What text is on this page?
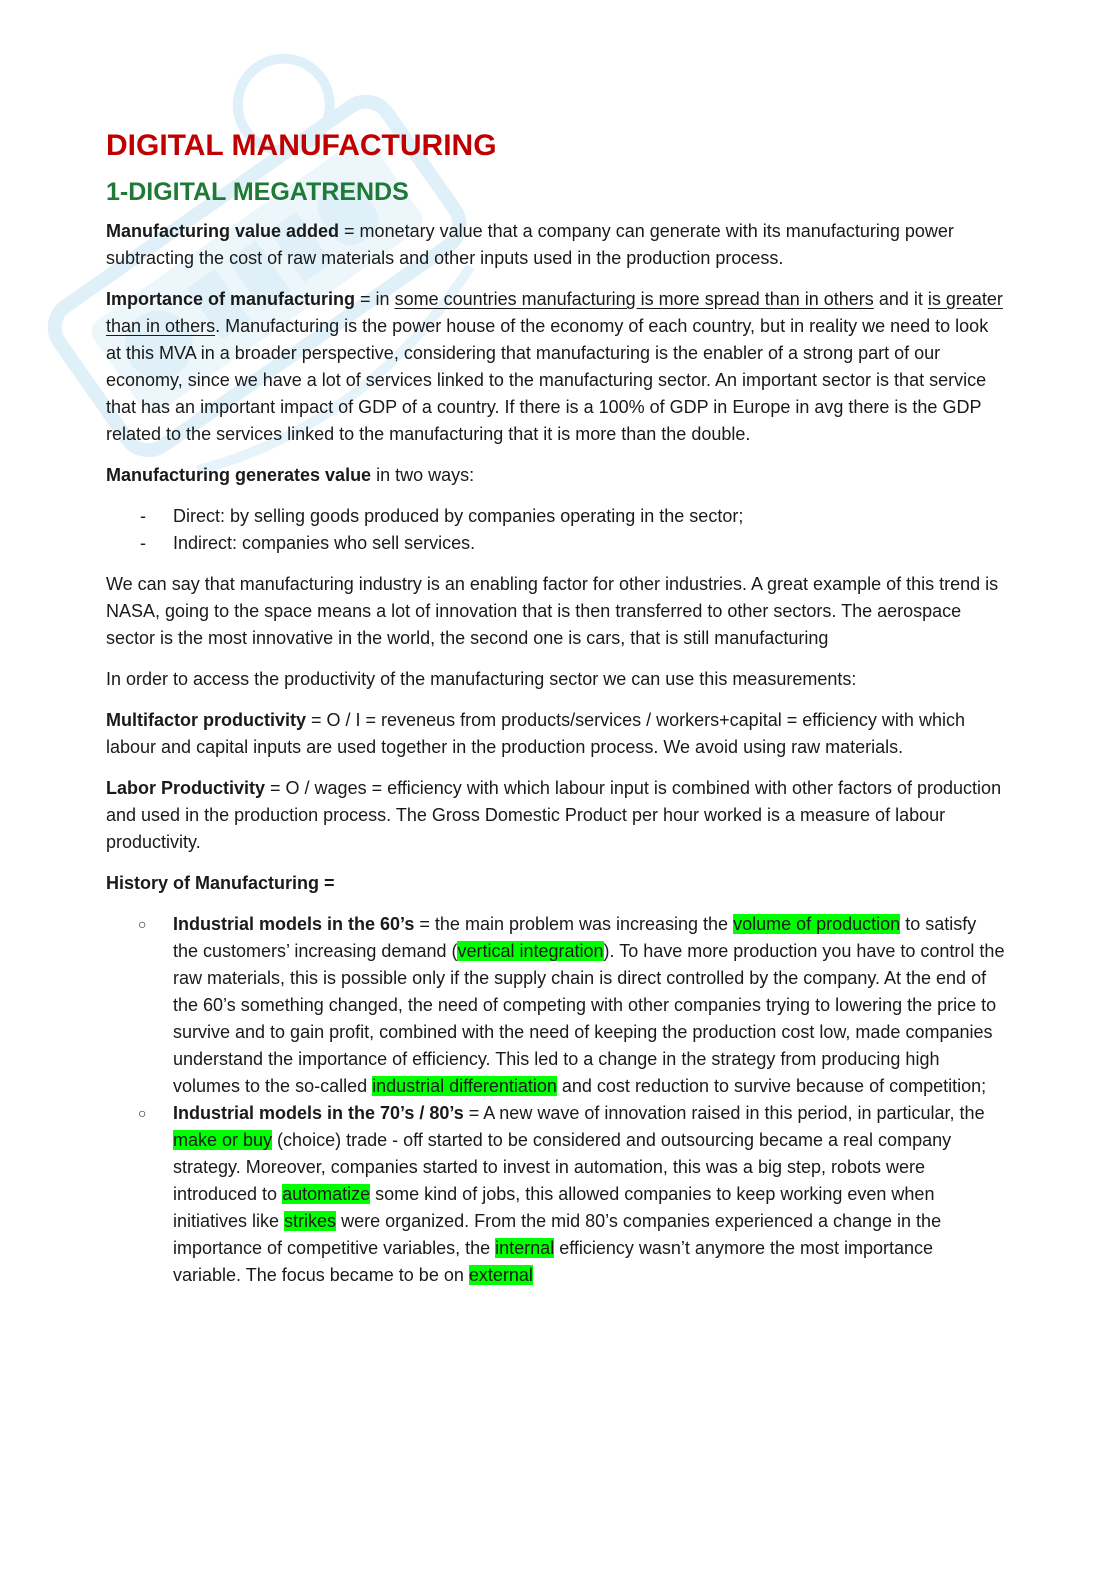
DIGITAL MANUFACTURING
1-DIGITAL MEGATRENDS

Manufacturing value added = monetary value that a company can generate with its manufacturing power subtracting the cost of raw materials and other inputs used in the production process.

Importance of manufacturing = in some countries manufacturing is more spread than in others and it is greater than in others. Manufacturing is the power house of the economy of each country, but in reality we need to look at this MVA in a broader perspective, considering that manufacturing is the enabler of a strong part of our economy, since we have a lot of services linked to the manufacturing sector. An important sector is that service that has an important impact of GDP of a country. If there is a 100% of GDP in Europe in avg there is the GDP related to the services linked to the manufacturing that it is more than the double.

Manufacturing generates value in two ways:

- Direct: by selling goods produced by companies operating in the sector;
- Indirect: companies who sell services.

We can say that manufacturing industry is an enabling factor for other industries. A great example of this trend is NASA, going to the space means a lot of innovation that is then transferred to other sectors. The aerospace sector is the most innovative in the world, the second one is cars, that is still manufacturing

In order to access the productivity of the manufacturing sector we can use this measurements:

Multifactor productivity = O / I = reveneus from products/services / workers+capital = efficiency with which labour and capital inputs are used together in the production process. We avoid using raw materials.

Labor Productivity = O / wages = efficiency with which labour input is combined with other factors of production and used in the production process. The Gross Domestic Product per hour worked is a measure of labour productivity.

History of Manufacturing =

○ Industrial models in the 60’s = the main problem was increasing the volume of production to satisfy the customers’ increasing demand (vertical integration). To have more production you have to control the raw materials, this is possible only if the supply chain is direct controlled by the company. At the end of the 60’s something changed, the need of competing with other companies trying to lowering the price to survive and to gain profit, combined with the need of keeping the production cost low, made companies understand the importance of efficiency. This led to a change in the strategy from producing high volumes to the so-called industrial differentiation and cost reduction to survive because of competition;
○ Industrial models in the 70’s / 80’s = A new wave of innovation raised in this period, in particular, the make or buy (choice) trade - off started to be considered and outsourcing became a real company strategy. Moreover, companies started to invest in automation, this was a big step, robots were introduced to automatize some kind of jobs, this allowed companies to keep working even when initiatives like strikes were organized. From the mid 80’s companies experienced a change in the importance of competitive variables, the internal efficiency wasn’t anymore the most importance variable. The focus became to be on external
